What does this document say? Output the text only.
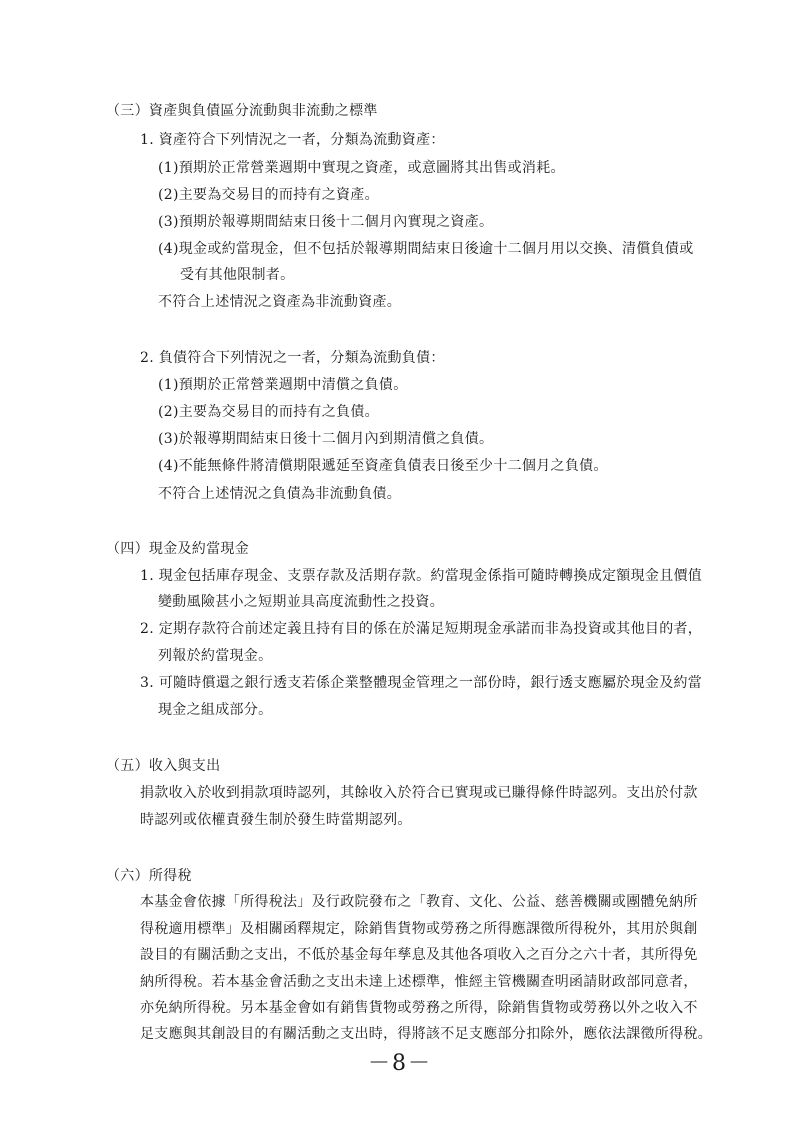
（三）資產與負債區分流動與非流動之標準
1. 資產符合下列情況之一者，分類為流動資產：
(1)預期於正常營業週期中實現之資產，或意圖將其出售或消耗。
(2)主要為交易目的而持有之資產。
(3)預期於報導期間結束日後十二個月內實現之資產。
(4)現金或約當現金，但不包括於報導期間結束日後逾十二個月用以交換、清償負債或
受有其他限制者。
不符合上述情況之資產為非流動資產。
2. 負債符合下列情況之一者，分類為流動負債：
(1)預期於正常營業週期中清償之負債。
(2)主要為交易目的而持有之負債。
(3)於報導期間結束日後十二個月內到期清償之負債。
(4)不能無條件將清償期限遞延至資產負債表日後至少十二個月之負債。
不符合上述情況之負債為非流動負債。
（四）現金及約當現金
1. 現金包括庫存現金、支票存款及活期存款。約當現金係指可隨時轉換成定額現金且價值
變動風險甚小之短期並具高度流動性之投資。
2. 定期存款符合前述定義且持有目的係在於滿足短期現金承諾而非為投資或其他目的者，
列報於約當現金。
3. 可隨時償還之銀行透支若係企業整體現金管理之一部份時，銀行透支應屬於現金及約當
現金之組成部分。
（五）收入與支出
捐款收入於收到捐款項時認列，其餘收入於符合已實現或已賺得條件時認列。支出於付款
時認列或依權責發生制於發生時當期認列。
（六）所得稅
本基金會依據「所得稅法」及行政院發布之「教育、文化、公益、慈善機關或團體免納所
得稅適用標準」及相關函釋規定，除銷售貨物或勞務之所得應課徵所得稅外，其用於與創
設目的有關活動之支出，不低於基金每年孳息及其他各項收入之百分之六十者，其所得免
納所得稅。若本基金會活動之支出未達上述標準，惟經主管機關查明函請財政部同意者，
亦免納所得稅。另本基金會如有銷售貨物或勞務之所得，除銷售貨物或勞務以外之收入不
足支應與其創設目的有關活動之支出時，得將該不足支應部分扣除外，應依法課徵所得稅。
－8－
